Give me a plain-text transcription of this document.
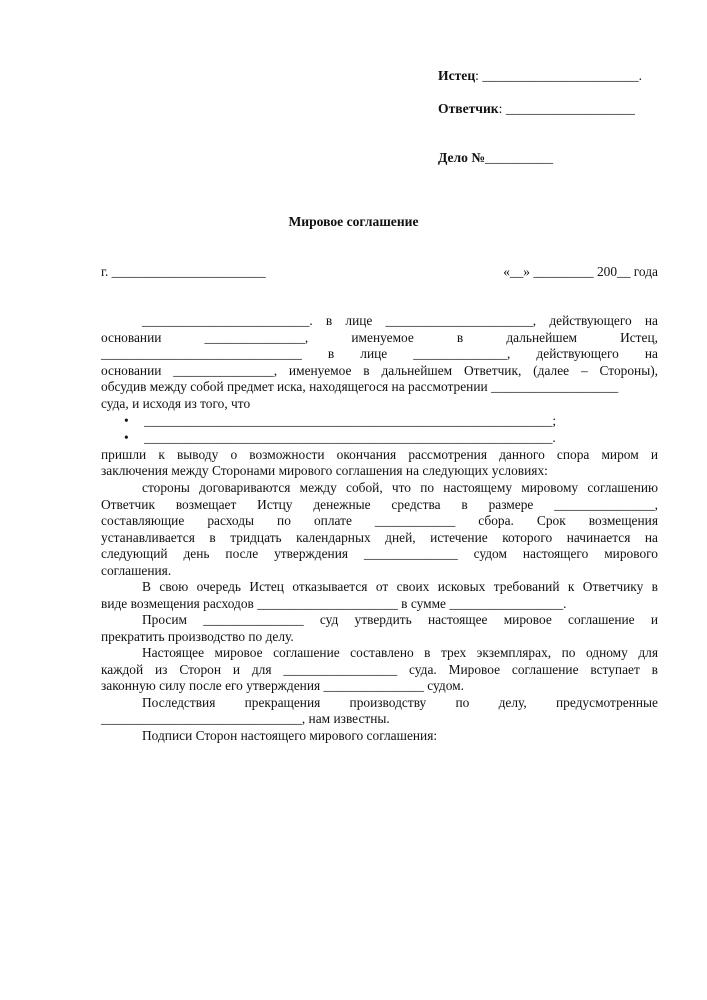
Истец: _______________________.
Ответчик: ___________________
Дело №__________
Мировое соглашение
г. _______________________	«__» _________ 200__ года
_________________________. в лице ______________________, действующего на
основании _______________, именуемое в дальнейшем Истец,
______________________________ в лице ______________, действующего на
основании _______________, именуемое в дальнейшем Ответчик, (далее – Стороны),
обсудив между собой предмет иска, находящегося на рассмотрении ___________________
суда, и исходя из того, что
• _____________________________________________________________;
• _____________________________________________________________.
пришли к выводу о возможности окончания рассмотрения данного спора миром и
заключения между Сторонами мирового соглашения на следующих условиях:
стороны договариваются между собой, что по настоящему мировому соглашению
Ответчик возмещает Истцу денежные средства в размере _______________,
составляющие расходы по оплате ____________ сбора. Срок возмещения
устанавливается в тридцать календарных дней, истечение которого начинается на
следующий день после утверждения ______________ судом настоящего мирового
соглашения.
В свою очередь Истец отказывается от своих исковых требований к Ответчику в
виде возмещения расходов _____________________ в сумме _________________.
Просим _______________ суд утвердить настоящее мировое соглашение и
прекратить производство по делу.
Настоящее мировое соглашение составлено в трех экземплярах, по одному для
каждой из Сторон и для _________________ суда. Мировое соглашение вступает в
законную силу после его утверждения _______________ судом.
Последствия прекращения производству по делу, предусмотренные
______________________________, нам известны.
Подписи Сторон настоящего мирового соглашения:
